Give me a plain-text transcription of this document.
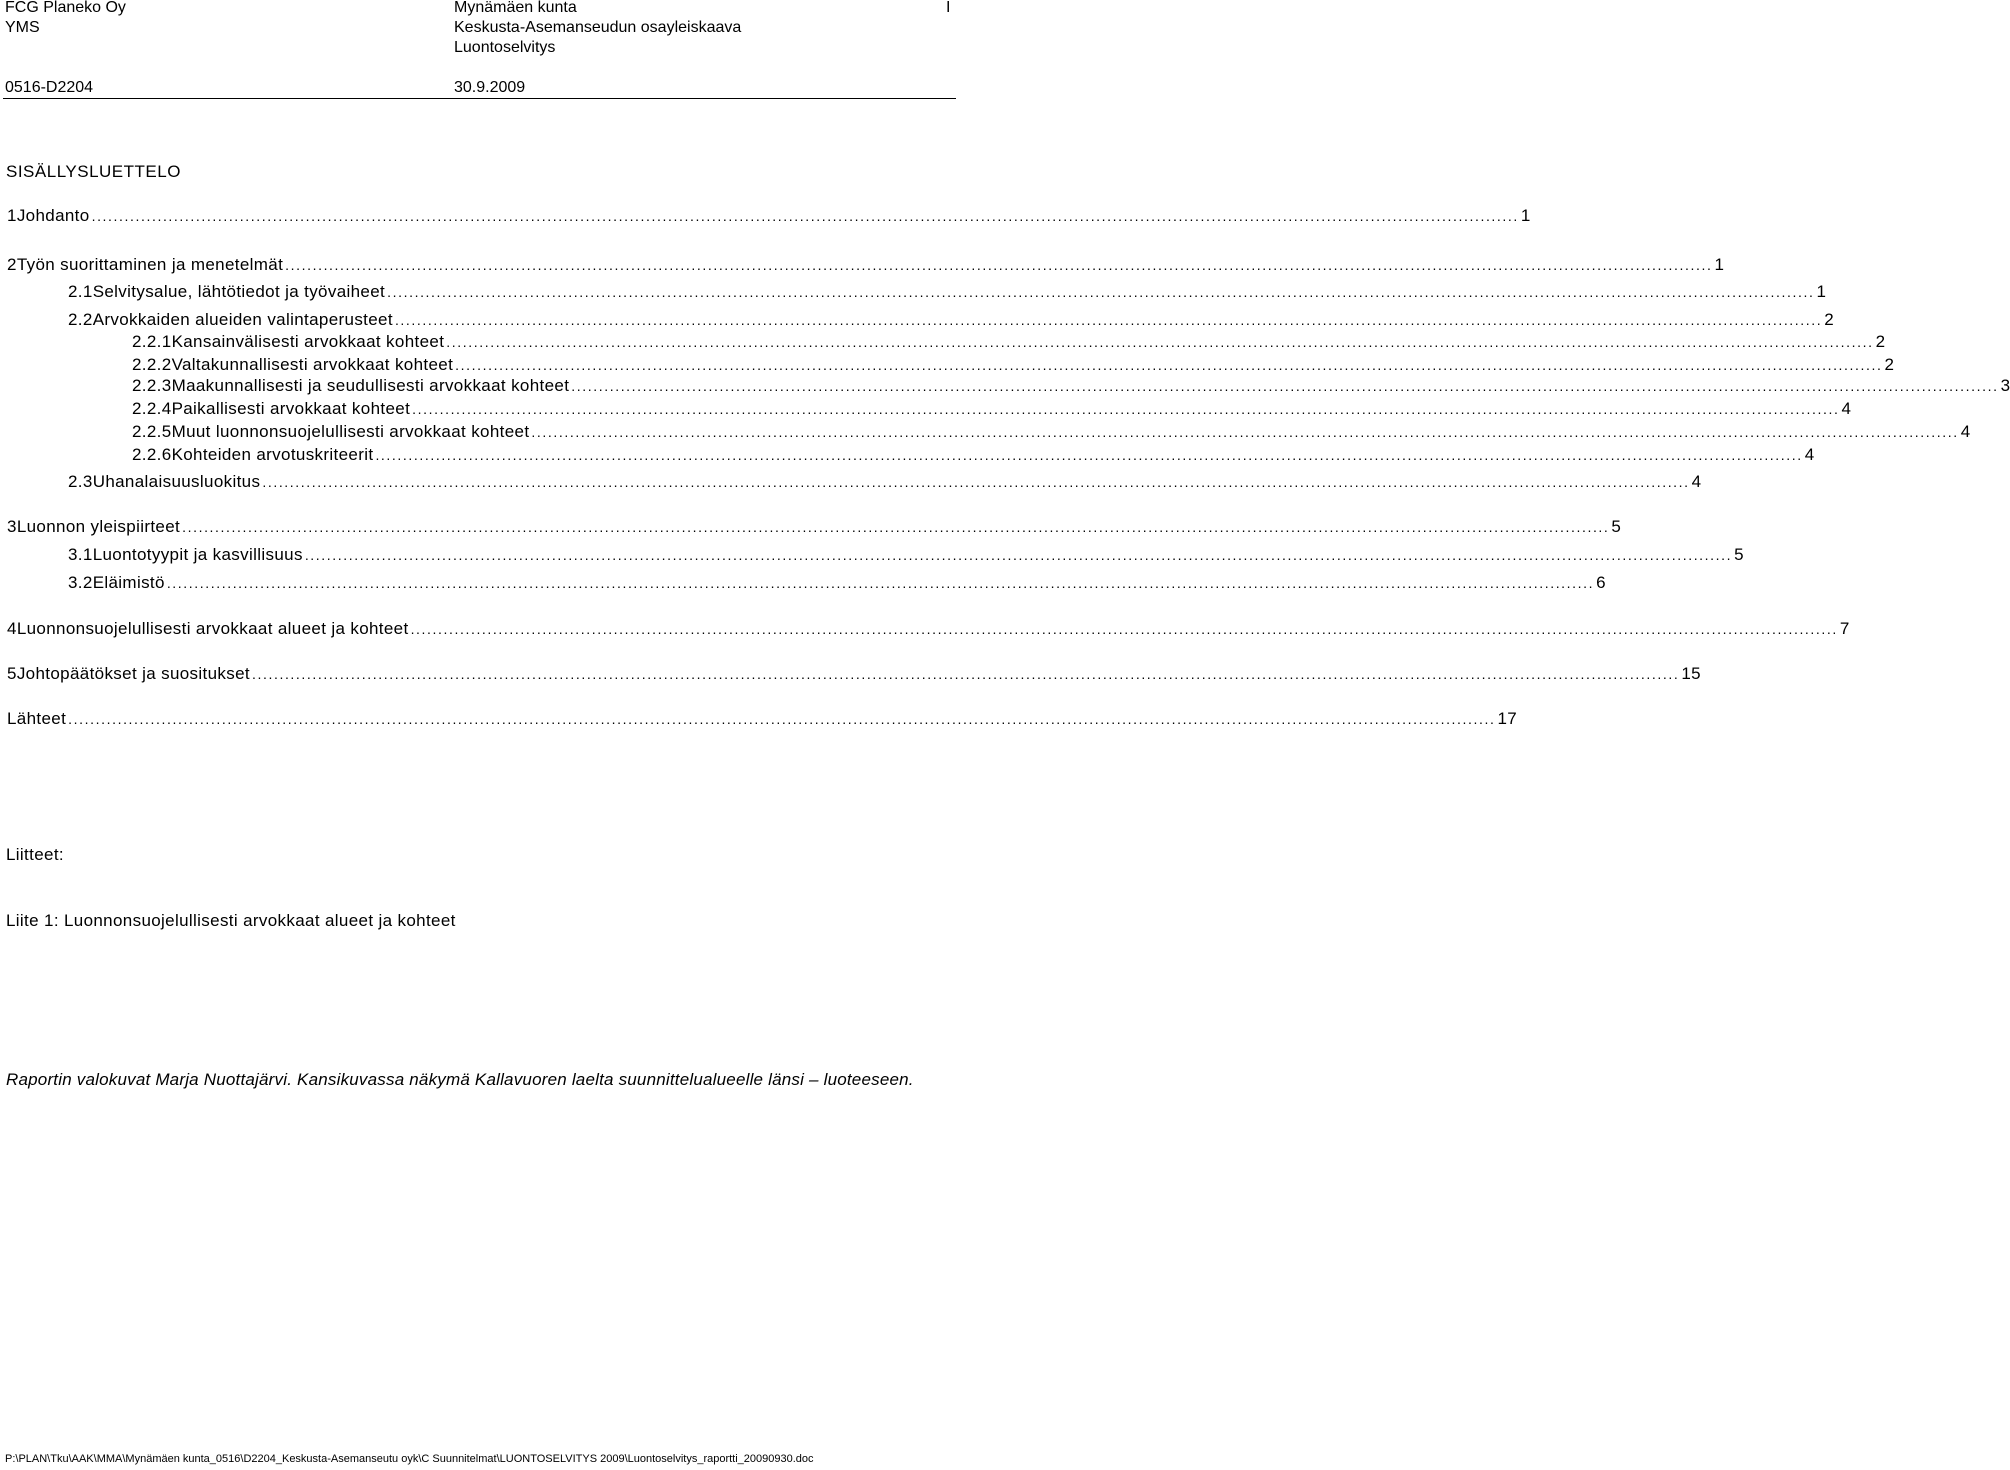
FCG Planeko Oy	Mynämäen kunta	I
YMS	Keskusta-Asemanseudun osayleiskaava
Luontoselvitys
0516-D2204	30.9.2009
SISÄLLYSLUETTELO
1 Johdanto .................................................................................................................................................................................................................................................................... 1
2 Työn suorittaminen ja menetelmät .................................................................................................................................................................................................................................................................... 1
2.1 Selvitysalue, lähtötiedot ja työvaiheet .................................................................................................................................................................................................................................................................... 1
2.2 Arvokkaiden alueiden valintaperusteet .................................................................................................................................................................................................................................................................... 2
2.2.1 Kansainvälisesti arvokkaat kohteet .................................................................................................................................................................................................................................................................... 2
2.2.2 Valtakunnallisesti arvokkaat kohteet .................................................................................................................................................................................................................................................................... 2
2.2.3 Maakunnallisesti ja seudullisesti arvokkaat kohteet .................................................................................................................................................................................................................................................................... 3
2.2.4 Paikallisesti arvokkaat kohteet .................................................................................................................................................................................................................................................................... 4
2.2.5 Muut luonnonsuojelullisesti arvokkaat kohteet .................................................................................................................................................................................................................................................................... 4
2.2.6 Kohteiden arvotuskriteerit .................................................................................................................................................................................................................................................................... 4
2.3 Uhanalaisuusluokitus .................................................................................................................................................................................................................................................................... 4
3 Luonnon yleispiirteet .................................................................................................................................................................................................................................................................... 5
3.1 Luontotyypit ja kasvillisuus .................................................................................................................................................................................................................................................................... 5
3.2 Eläimistö .................................................................................................................................................................................................................................................................... 6
4 Luonnonsuojelullisesti arvokkaat alueet ja kohteet .................................................................................................................................................................................................................................................................... 7
5 Johtopäätökset ja suositukset .................................................................................................................................................................................................................................................................... 15
Lähteet .................................................................................................................................................................................................................................................................... 17
Liitteet:
Liite 1: Luonnonsuojelullisesti arvokkaat alueet ja kohteet
Raportin valokuvat Marja Nuottajärvi. Kansikuvassa näkymä Kallavuoren laelta suunnittelualueelle länsi – luoteeseen.
P:\PLAN\Tku\AAK\MMA\Mynämäen kunta_0516\D2204_Keskusta-Asemanseutu oyk\C Suunnitelmat\LUONTOSELVITYS 2009\Luontoselvitys_raportti_20090930.doc
